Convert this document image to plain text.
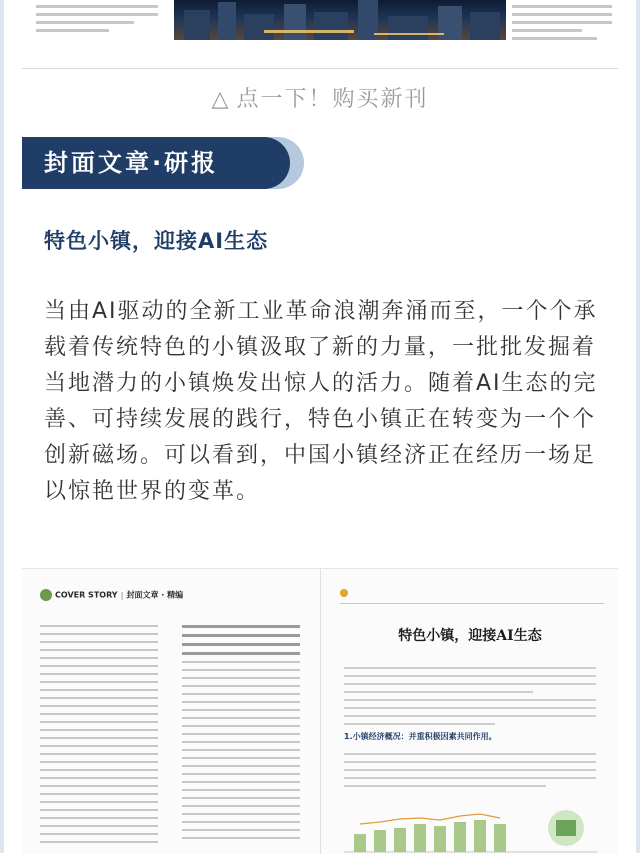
△ 点一下！购买新刊
封面文章·研报
特色小镇，迎接AI生态
当由AI驱动的全新工业革命浪潮奔涌而至，一个个承载着传统特色的小镇汲取了新的力量，一批批发掘着当地潜力的小镇焕发出惊人的活力。随着AI生态的完善、可持续发展的践行，特色小镇正在转变为一个个创新磁场。可以看到，中国小镇经济正在经历一场足以惊艳世界的变革。
COVER STORY | 封面文章 · 精编
特色小镇，迎接AI生态
1.小镇经济概况：并重积极因素共同作用。
